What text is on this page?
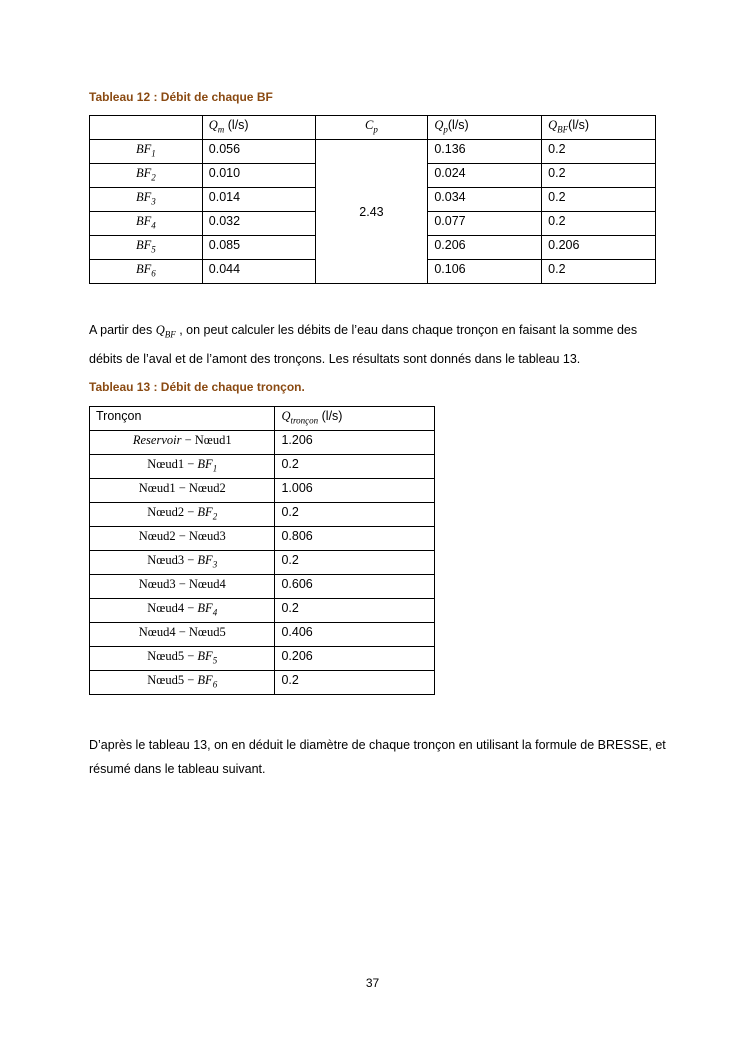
Tableau 12 : Débit de chaque BF
	$Q_m$ (l/s)	$C_p$	$Q_p(l/s)$	$Q_{BF}(l/s)$
$BF_1$	0.056	2.43	0.136	0.2
$BF_2$	0.010		0.024	0.2
$BF_3$	0.014		0.034	0.2
$BF_4$	0.032		0.077	0.2
$BF_5$	0.085		0.206	0.206
$BF_6$	0.044		0.106	0.2

A partir des $Q_{BF}$ , on peut calculer les débits de l’eau dans chaque tronçon en faisant la somme des débits de l’aval et de l’amont des tronçons. Les résultats sont donnés dans le tableau 13.

Tableau 13 : Débit de chaque tronçon.
Tronçon	$Q_{tronçon}$ (l/s)
Reservoir − Nœud1	1.206
Nœud1 − $BF_1$	0.2
Nœud1 − Nœud2	1.006
Nœud2 − $BF_2$	0.2
Nœud2 − Nœud3	0.806
Nœud3 − $BF_3$	0.2
Nœud3 − Nœud4	0.606
Nœud4 − $BF_4$	0.2
Nœud4 − Nœud5	0.406
Nœud5 − $BF_5$	0.206
Nœud5 − $BF_6$	0.2

D’après le tableau 13, on en déduit le diamètre de chaque tronçon en utilisant la formule de BRESSE, et résumé dans le tableau suivant.

37
